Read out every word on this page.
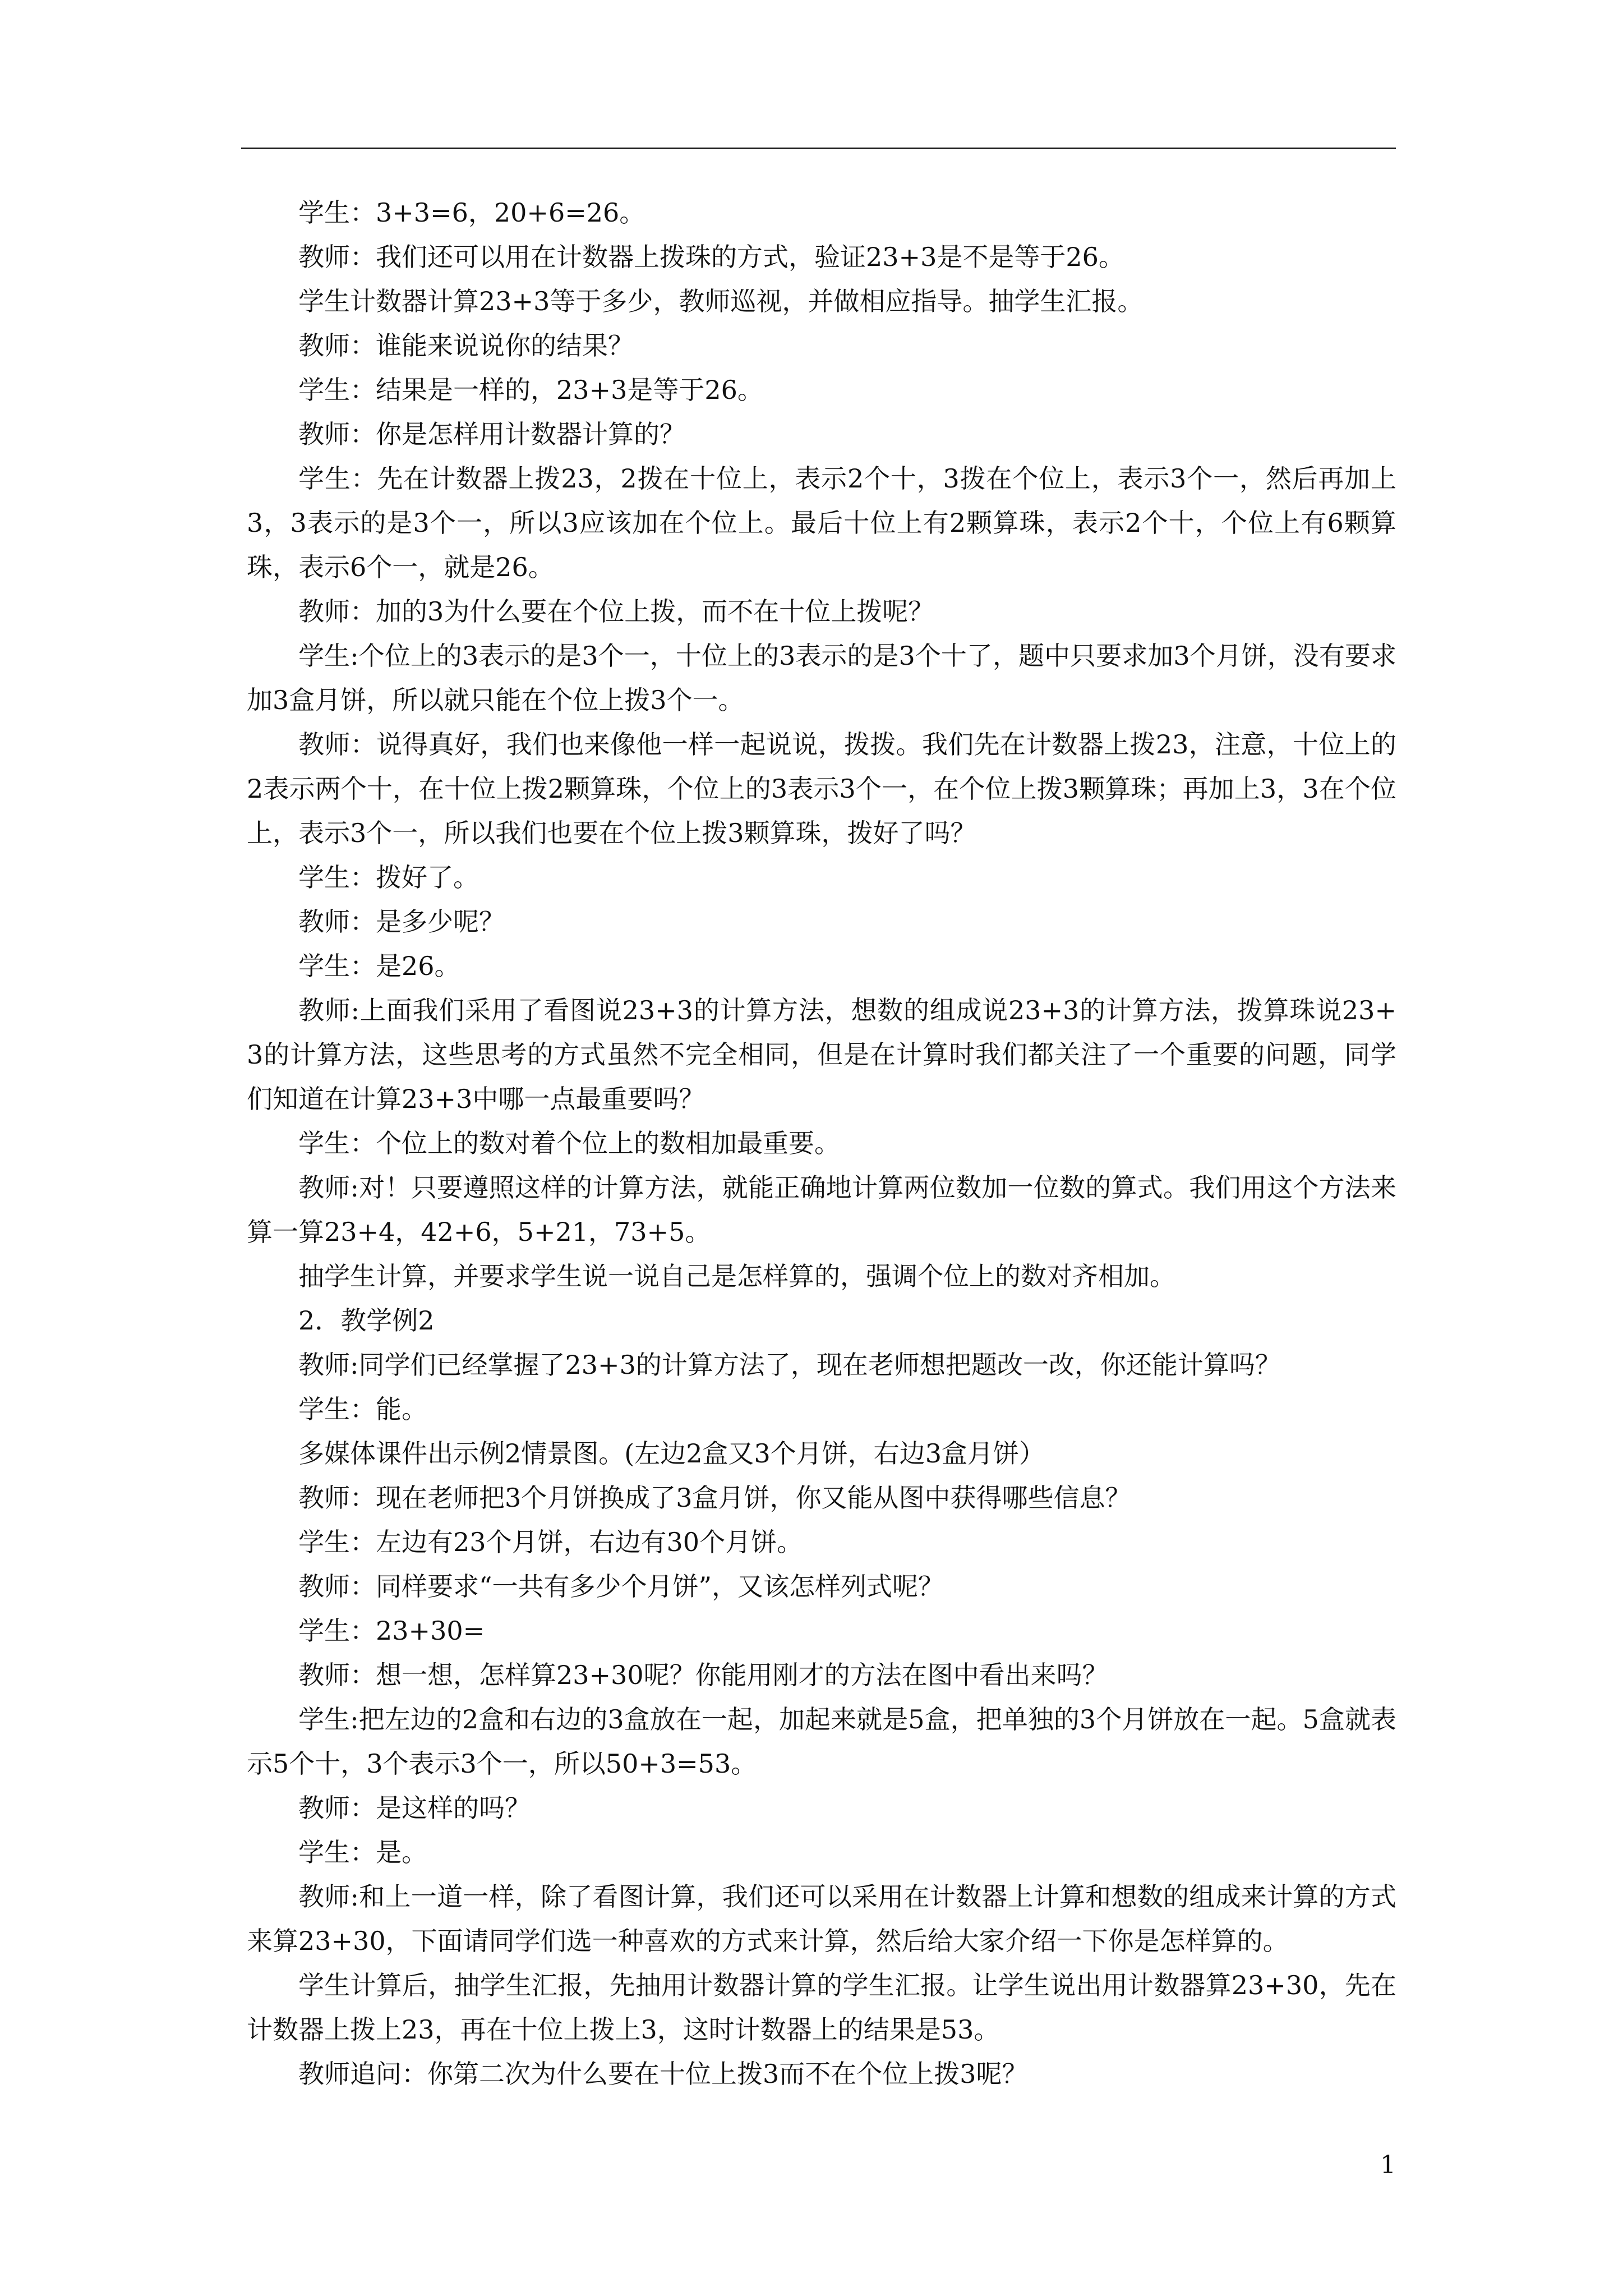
学生：3+3=6，20+6=26。

教师：我们还可以用在计数器上拨珠的方式，验证23+3是不是等于26。

学生计数器计算23+3等于多少，教师巡视，并做相应指导。抽学生汇报。

教师：谁能来说说你的结果？

学生：结果是一样的，23+3是等于26。

教师：你是怎样用计数器计算的？

学生：先在计数器上拨23，2拨在十位上，表示2个十，3拨在个位上，表示3个一，然后再加上3，3表示的是3个一，所以3应该加在个位上。最后十位上有2颗算珠，表示2个十，个位上有6颗算珠，表示6个一，就是26。

教师：加的3为什么要在个位上拨，而不在十位上拨呢？

学生:个位上的3表示的是3个一，十位上的3表示的是3个十了，题中只要求加3个月饼，没有要求加3盒月饼，所以就只能在个位上拨3个一。

教师：说得真好，我们也来像他一样一起说说，拨拨。我们先在计数器上拨23，注意，十位上的2表示两个十，在十位上拨2颗算珠，个位上的3表示3个一，在个位上拨3颗算珠；再加上3，3在个位上，表示3个一，所以我们也要在个位上拨3颗算珠，拨好了吗？

学生：拨好了。

教师：是多少呢？

学生：是26。

教师:上面我们采用了看图说23+3的计算方法，想数的组成说23+3的计算方法，拨算珠说23+3的计算方法，这些思考的方式虽然不完全相同，但是在计算时我们都关注了一个重要的问题，同学们知道在计算23+3中哪一点最重要吗？

学生：个位上的数对着个位上的数相加最重要。

教师:对！只要遵照这样的计算方法，就能正确地计算两位数加一位数的算式。我们用这个方法来算一算23+4，42+6，5+21，73+5。

抽学生计算，并要求学生说一说自己是怎样算的，强调个位上的数对齐相加。

2．教学例2

教师:同学们已经掌握了23+3的计算方法了，现在老师想把题改一改，你还能计算吗？

学生：能。

多媒体课件出示例2情景图。(左边2盒又3个月饼，右边3盒月饼）

教师：现在老师把3个月饼换成了3盒月饼，你又能从图中获得哪些信息？

学生：左边有23个月饼，右边有30个月饼。

教师：同样要求“一共有多少个月饼”，又该怎样列式呢？

学生：23+30=

教师：想一想，怎样算23+30呢？你能用刚才的方法在图中看出来吗？

学生:把左边的2盒和右边的3盒放在一起，加起来就是5盒，把单独的3个月饼放在一起。5盒就表示5个十，3个表示3个一，所以50+3=53。

教师：是这样的吗？

学生：是。

教师:和上一道一样，除了看图计算，我们还可以采用在计数器上计算和想数的组成来计算的方式来算23+30，下面请同学们选一种喜欢的方式来计算，然后给大家介绍一下你是怎样算的。

学生计算后，抽学生汇报，先抽用计数器计算的学生汇报。让学生说出用计数器算23+30，先在计数器上拨上23，再在十位上拨上3，这时计数器上的结果是53。

教师追问：你第二次为什么要在十位上拨3而不在个位上拨3呢？

1
